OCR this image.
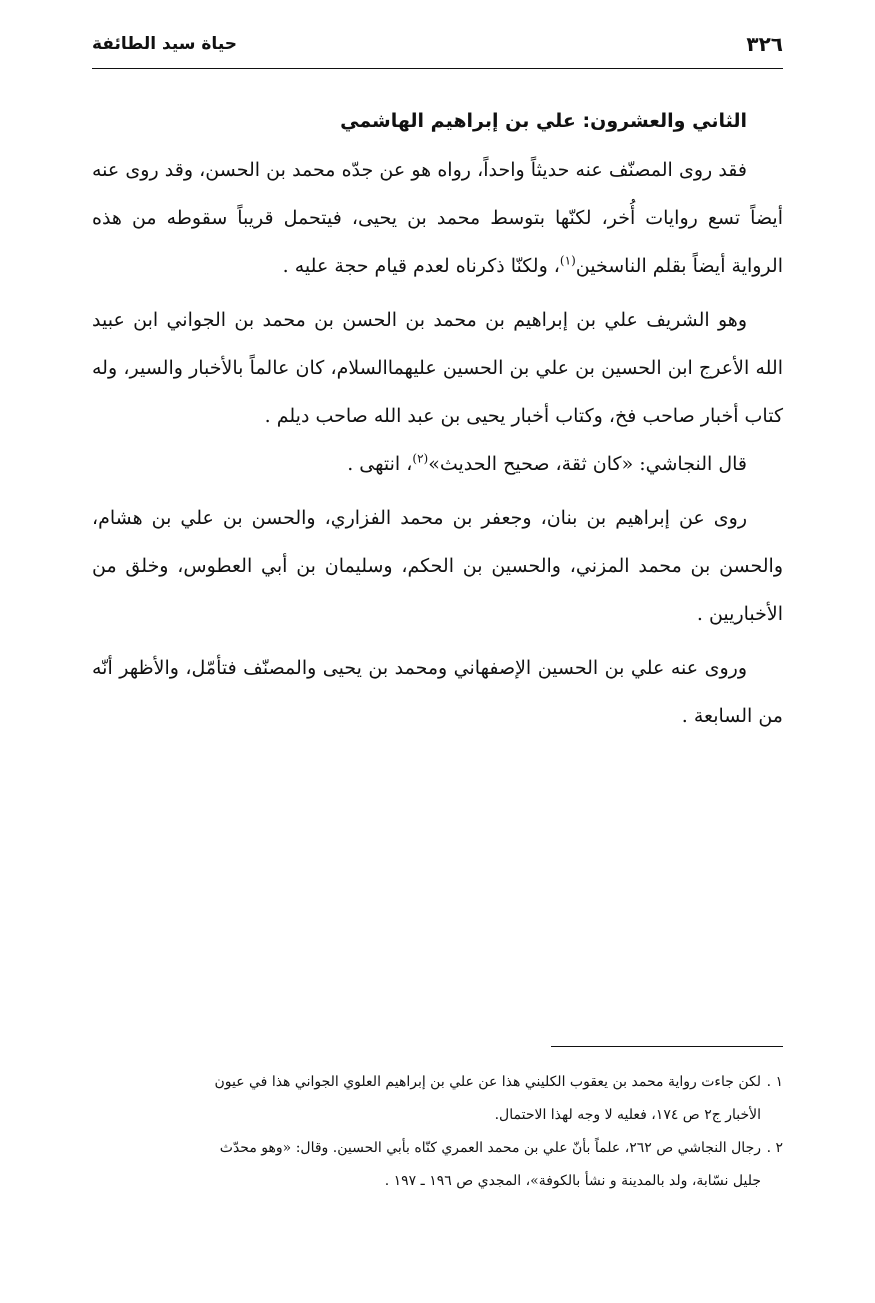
٣٢٦
حياة سيد الطائفة
الثاني والعشرون: علي بن إبراهيم الهاشمي

فقد روى المصنّف عنه حديثاً واحداً، رواه هو عن جدّه محمد بن الحسن، وقد روى عنه أيضاً تسع روايات أُخر، لكنّها بتوسط محمد بن يحيى، فيتحمل قريباً سقوطه من هذه الرواية أيضاً بقلم الناسخين$^{(١)}$، ولكنّا ذكرناه لعدم قيام حجة عليه .

وهو الشريف علي بن إبراهيم بن محمد بن الحسن بن محمد بن الجواني ابن عبيد الله الأعرج ابن الحسين بن علي بن الحسين عليهماالسلام، كان عالماً بالأخبار والسير، وله كتاب أخبار صاحب فخ، وكتاب أخبار يحيى بن عبد الله صاحب ديلم .

قال النجاشي: «كان ثقة، صحيح الحديث»$^{(٢)}$، انتهى .

روى عن إبراهيم بن بنان، وجعفر بن محمد الفزاري، والحسن بن علي بن هشام، والحسن بن محمد المزني، والحسين بن الحكم، وسليمان بن أبي العطوس، وخلق من الأخباريين .

وروى عنه علي بن الحسين الإصفهاني ومحمد بن يحيى والمصنّف فتأمّل، والأظهر أنّه من السابعة .

١ .لكن جاءت رواية محمد بن يعقوب الكليني هذا عن علي بن إبراهيم العلوي الجواني هذا في عيون
الأخبار ج٢ ص ١٧٤، فعليه لا وجه لهذا الاحتمال.
٢ .رجال النجاشي ص ٢٦٢، علماً بأنّ علي بن محمد العمري كنّاه بأبي الحسين. وقال: «وهو محدّث
جليل نسّابة، ولد بالمدينة و نشأ بالكوفة»، المجدي ص ١٩٦ ـ ١٩٧ .
